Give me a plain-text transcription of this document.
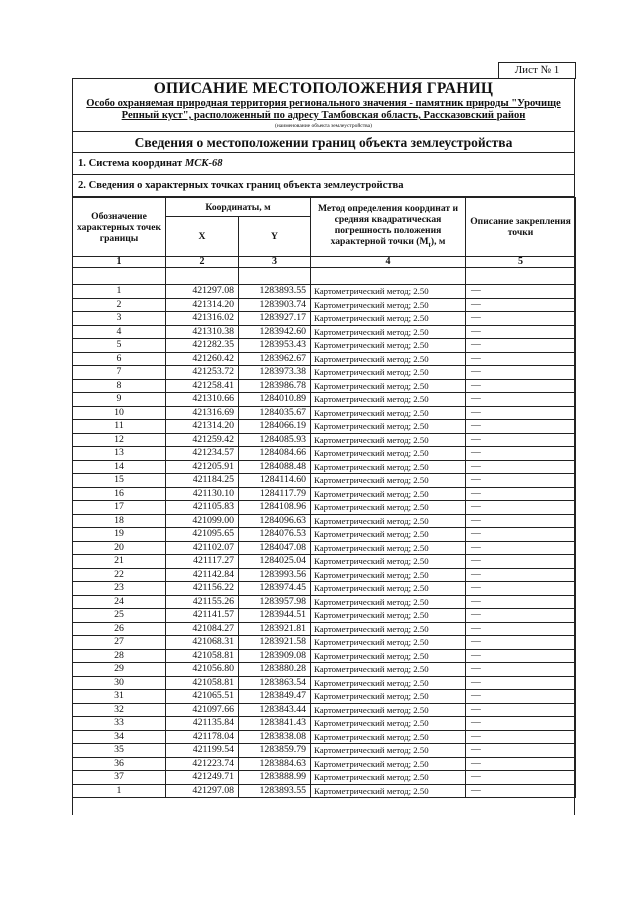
Лист № 1
ОПИСАНИЕ МЕСТОПОЛОЖЕНИЯ ГРАНИЦ
Особо охраняемая природная территория регионального значения - памятник природы "Урочище Репный куст", расположенный по адресу Тамбовская область, Рассказовский район
(наименование объекта землеустройства)
Сведения о местоположении границ объекта землеустройства
1. Система координат МСК-68
2. Сведения о характерных точках границ объекта землеустройства
Обозначение характерных точек границы	Координаты, м		Метод определения координат и средняя квадратическая погрешность положения характерной точки $(M_t)$, м	Описание закрепления точки
	X	Y		
1	2	3	4	5

1	421297.08	1283893.55	Картометрический метод; 2.50	—
2	421314.20	1283903.74	Картометрический метод; 2.50	—
3	421316.02	1283927.17	Картометрический метод; 2.50	—
4	421310.38	1283942.60	Картометрический метод; 2.50	—
5	421282.35	1283953.43	Картометрический метод; 2.50	—
6	421260.42	1283962.67	Картометрический метод; 2.50	—
7	421253.72	1283973.38	Картометрический метод; 2.50	—
8	421258.41	1283986.78	Картометрический метод; 2.50	—
9	421310.66	1284010.89	Картометрический метод; 2.50	—
10	421316.69	1284035.67	Картометрический метод; 2.50	—
11	421314.20	1284066.19	Картометрический метод; 2.50	—
12	421259.42	1284085.93	Картометрический метод; 2.50	—
13	421234.57	1284084.66	Картометрический метод; 2.50	—
14	421205.91	1284088.48	Картометрический метод; 2.50	—
15	421184.25	1284114.60	Картометрический метод; 2.50	—
16	421130.10	1284117.79	Картометрический метод; 2.50	—
17	421105.83	1284108.96	Картометрический метод; 2.50	—
18	421099.00	1284096.63	Картометрический метод; 2.50	—
19	421095.65	1284076.53	Картометрический метод; 2.50	—
20	421102.07	1284047.08	Картометрический метод; 2.50	—
21	421117.27	1284025.04	Картометрический метод; 2.50	—
22	421142.84	1283993.56	Картометрический метод; 2.50	—
23	421156.22	1283974.45	Картометрический метод; 2.50	—
24	421155.26	1283957.98	Картометрический метод; 2.50	—
25	421141.57	1283944.51	Картометрический метод; 2.50	—
26	421084.27	1283921.81	Картометрический метод; 2.50	—
27	421068.31	1283921.58	Картометрический метод; 2.50	—
28	421058.81	1283909.08	Картометрический метод; 2.50	—
29	421056.80	1283880.28	Картометрический метод; 2.50	—
30	421058.81	1283863.54	Картометрический метод; 2.50	—
31	421065.51	1283849.47	Картометрический метод; 2.50	—
32	421097.66	1283843.44	Картометрический метод; 2.50	—
33	421135.84	1283841.43	Картометрический метод; 2.50	—
34	421178.04	1283838.08	Картометрический метод; 2.50	—
35	421199.54	1283859.79	Картометрический метод; 2.50	—
36	421223.74	1283884.63	Картометрический метод; 2.50	—
37	421249.71	1283888.99	Картометрический метод; 2.50	—
1	421297.08	1283893.55	Картометрический метод; 2.50	—
